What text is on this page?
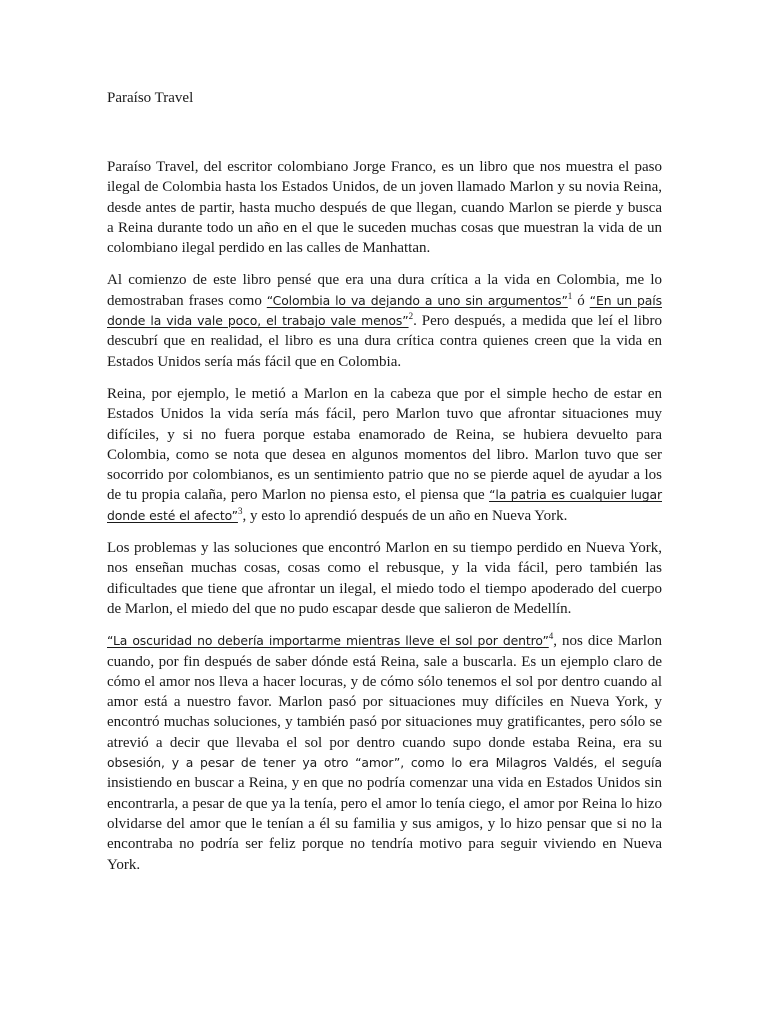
Paraíso Travel

Paraíso Travel, del escritor colombiano Jorge Franco, es un libro que nos muestra el paso ilegal de Colombia hasta los Estados Unidos, de un joven llamado Marlon y su novia Reina, desde antes de partir, hasta mucho después de que llegan, cuando Marlon se pierde y busca a Reina durante todo un año en el que le suceden muchas cosas que muestran la vida de un colombiano ilegal perdido en las calles de Manhattan.

Al comienzo de este libro pensé que era una dura crítica a la vida en Colombia, me lo demostraban frases como “Colombia lo va dejando a uno sin argumentos”$^1$ ó “En un país donde la vida vale poco, el trabajo vale menos”$^2$. Pero después, a medida que leí el libro descubrí que en realidad, el libro es una dura crítica contra quienes creen que la vida en Estados Unidos sería más fácil que en Colombia.

Reina, por ejemplo, le metió a Marlon en la cabeza que por el simple hecho de estar en Estados Unidos la vida sería más fácil, pero Marlon tuvo que afrontar situaciones muy difíciles, y si no fuera porque estaba enamorado de Reina, se hubiera devuelto para Colombia, como se nota que desea en algunos momentos del libro. Marlon tuvo que ser socorrido por colombianos, es un sentimiento patrio que no se pierde aquel de ayudar a los de tu propia calaña, pero Marlon no piensa esto, el piensa que “la patria es cualquier lugar donde esté el afecto”$^3$, y esto lo aprendió después de un año en Nueva York.

Los problemas y las soluciones que encontró Marlon en su tiempo perdido en Nueva York, nos enseñan muchas cosas, cosas como el rebusque, y la vida fácil, pero también las dificultades que tiene que afrontar un ilegal, el miedo todo el tiempo apoderado del cuerpo de Marlon, el miedo del que no pudo escapar desde que salieron de Medellín.

“La oscuridad no debería importarme mientras lleve el sol por dentro”$^4$, nos dice Marlon cuando, por fin después de saber dónde está Reina, sale a buscarla. Es un ejemplo claro de cómo el amor nos lleva a hacer locuras, y de cómo sólo tenemos el sol por dentro cuando al amor está a nuestro favor. Marlon pasó por situaciones muy difíciles en Nueva York, y encontró muchas soluciones, y también pasó por situaciones muy gratificantes, pero sólo se atrevió a decir que llevaba el sol por dentro cuando supo donde estaba Reina, era su obsesión, y a pesar de tener ya otro “amor”, como lo era Milagros Valdés, el seguía insistiendo en buscar a Reina, y en que no podría comenzar una vida en Estados Unidos sin encontrarla, a pesar de que ya la tenía, pero el amor lo tenía ciego, el amor por Reina lo hizo olvidarse del amor que le tenían a él su familia y sus amigos, y lo hizo pensar que si no la encontraba no podría ser feliz porque no tendría motivo para seguir viviendo en Nueva York.
